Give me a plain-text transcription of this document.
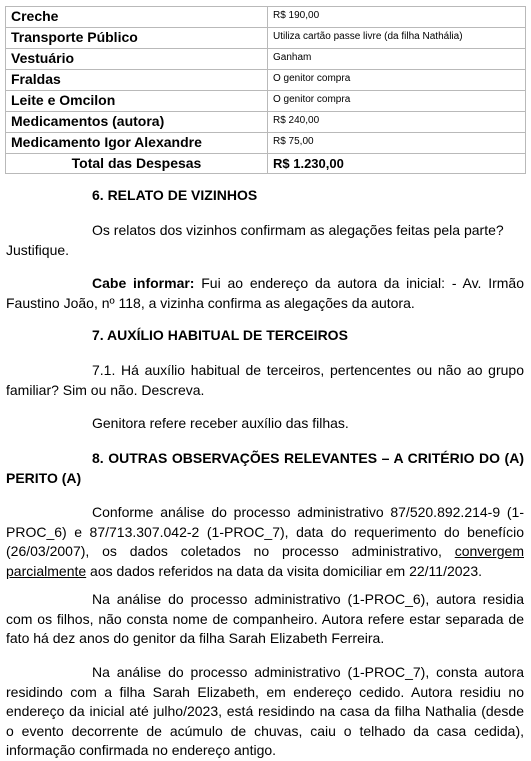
Creche	R$ 190,00
Transporte Público	Utiliza cartão passe livre (da filha Nathália)
Vestuário	Ganham
Fraldas	O genitor compra
Leite e Omcilon	O genitor compra
Medicamentos (autora)	R$ 240,00
Medicamento Igor Alexandre	R$ 75,00
Total das Despesas	R$ 1.230,00
6. RELATO DE VIZINHOS
Os relatos dos vizinhos confirmam as alegações feitas pela parte? Justifique.
Cabe informar: Fui ao endereço da autora da inicial: - Av. Irmão Faustino João, nº 118, a vizinha confirma as alegações da autora.
7. AUXÍLIO HABITUAL DE TERCEIROS
7.1. Há auxílio habitual de terceiros, pertencentes ou não ao grupo familiar? Sim ou não. Descreva.
Genitora refere receber auxílio das filhas.
8. OUTRAS OBSERVAÇÕES RELEVANTES – A CRITÉRIO DO (A) PERITO (A)
Conforme análise do processo administrativo 87/520.892.214-9 (1-PROC_6) e 87/713.307.042-2 (1-PROC_7), data do requerimento do benefício (26/03/2007), os dados coletados no processo administrativo, convergem parcialmente aos dados referidos na data da visita domiciliar em 22/11/2023.
Na análise do processo administrativo (1-PROC_6), autora residia com os filhos, não consta nome de companheiro. Autora refere estar separada de fato há dez anos do genitor da filha Sarah Elizabeth Ferreira.
Na análise do processo administrativo (1-PROC_7), consta autora residindo com a filha Sarah Elizabeth, em endereço cedido. Autora residiu no endereço da inicial até julho/2023, está residindo na casa da filha Nathalia (desde o evento decorrente de acúmulo de chuvas, caiu o telhado da casa cedida), informação confirmada no endereço antigo.
